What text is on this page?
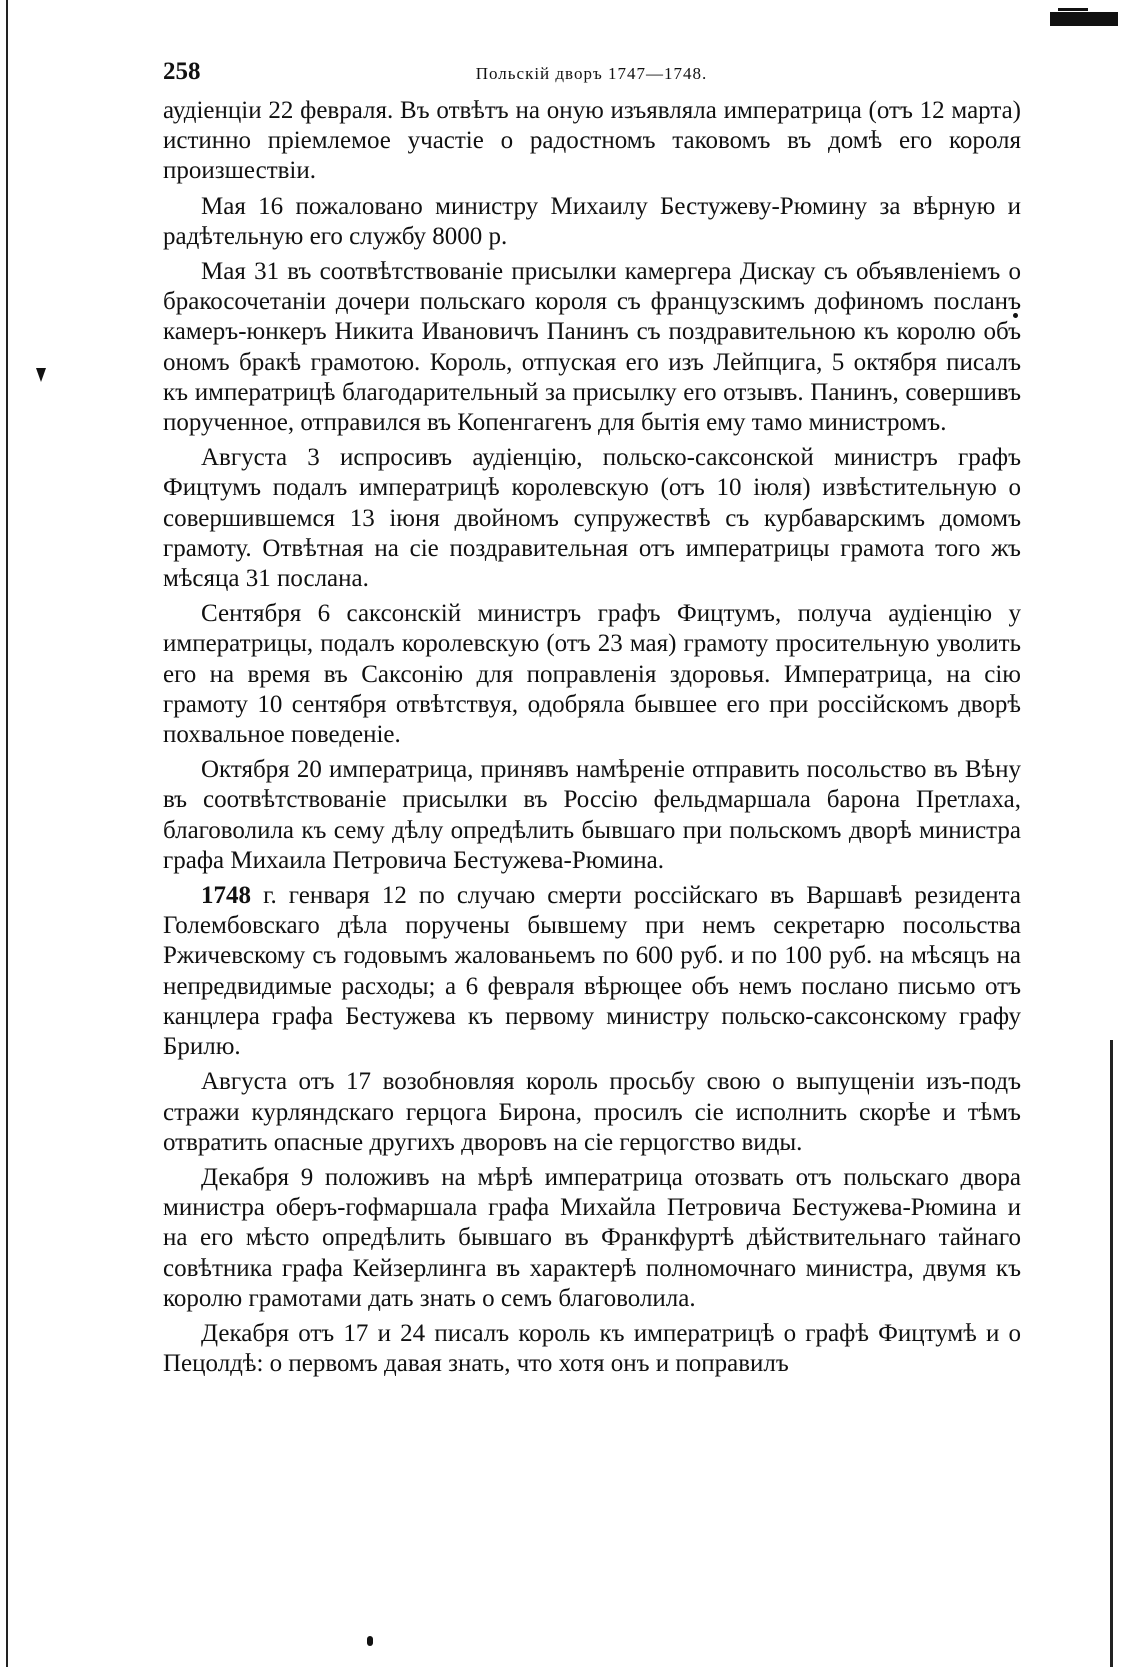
258	Польскій дворъ 1747—1748.

аудіенціи 22 февраля. Въ отвѣтъ на оную изъявляла императрица (отъ 12 марта) истинно пріемлемое участіе о радостномъ таковомъ въ домѣ его короля произшествіи.

Мая 16 пожаловано министру Михаилу Бестужеву-Рюмину за вѣрную и радѣтельную его службу 8000 р.

Мая 31 въ соотвѣтствованіе присылки камергера Дискау съ объявленіемъ о бракосочетаніи дочери польскаго короля съ французскимъ дофиномъ посланъ камеръ-юнкеръ Никита Ивановичъ Панинъ съ поздравительною къ королю объ ономъ бракѣ грамотою. Король, отпуская его изъ Лейпцига, 5 октября писалъ къ императрицѣ благодарительный за присылку его отзывъ. Панинъ, совершивъ порученное, отправился въ Копенгагенъ для бытія ему тамо министромъ.

Августа 3 испросивъ аудіенцію, польско-саксонской министръ графъ Фицтумъ подалъ императрицѣ королевскую (отъ 10 іюля) извѣстительную о совершившемся 13 іюня двойномъ супружествѣ съ курбаварскимъ домомъ грамоту. Отвѣтная на сіе поздравительная отъ императрицы грамота того жъ мѣсяца 31 послана.

Сентября 6 саксонскій министръ графъ Фицтумъ, получа аудіенцію у императрицы, подалъ королевскую (отъ 23 мая) грамоту просительную уволить его на время въ Саксонію для поправленія здоровья. Императрица, на сію грамоту 10 сентября отвѣтствуя, одобряла бывшее его при россійскомъ дворѣ похвальное поведеніе.

Октября 20 императрица, принявъ намѣреніе отправить посольство въ Вѣну въ соотвѣтствованіе присылки въ Россію фельдмаршала барона Претлаха, благоволила къ сему дѣлу опредѣлить бывшаго при польскомъ дворѣ министра графа Михаила Петровича Бестужева-Рюмина.

1748 г. генваря 12 по случаю смерти россійскаго въ Варшавѣ резидента Голембовскаго дѣла поручены бывшему при немъ секретарю посольства Ржичевскому съ годовымъ жалованьемъ по 600 руб. и по 100 руб. на мѣсяцъ на непредвидимые расходы; а 6 февраля вѣрющее объ немъ послано письмо отъ канцлера графа Бестужева къ первому министру польско-саксонскому графу Брилю.

Августа отъ 17 возобновляя король просьбу свою о выпущеніи изъ-подъ стражи курляндскаго герцога Бирона, просилъ сіе исполнить скорѣе и тѣмъ отвратить опасные другихъ дворовъ на сіе герцогство виды.

Декабря 9 положивъ на мѣрѣ императрица отозвать отъ польскаго двора министра оберъ-гофмаршала графа Михайла Петровича Бестужева-Рюмина и на его мѣсто опредѣлить бывшаго въ Франкфуртѣ дѣйствительнаго тайнаго совѣтника графа Кейзерлинга въ характерѣ полномочнаго министра, двумя къ королю грамотами дать знать о семъ благоволила.

Декабря отъ 17 и 24 писалъ король къ императрицѣ о графѣ Фицтумѣ и о Пецолдѣ: о первомъ давая знать, что хотя онъ и поправилъ
